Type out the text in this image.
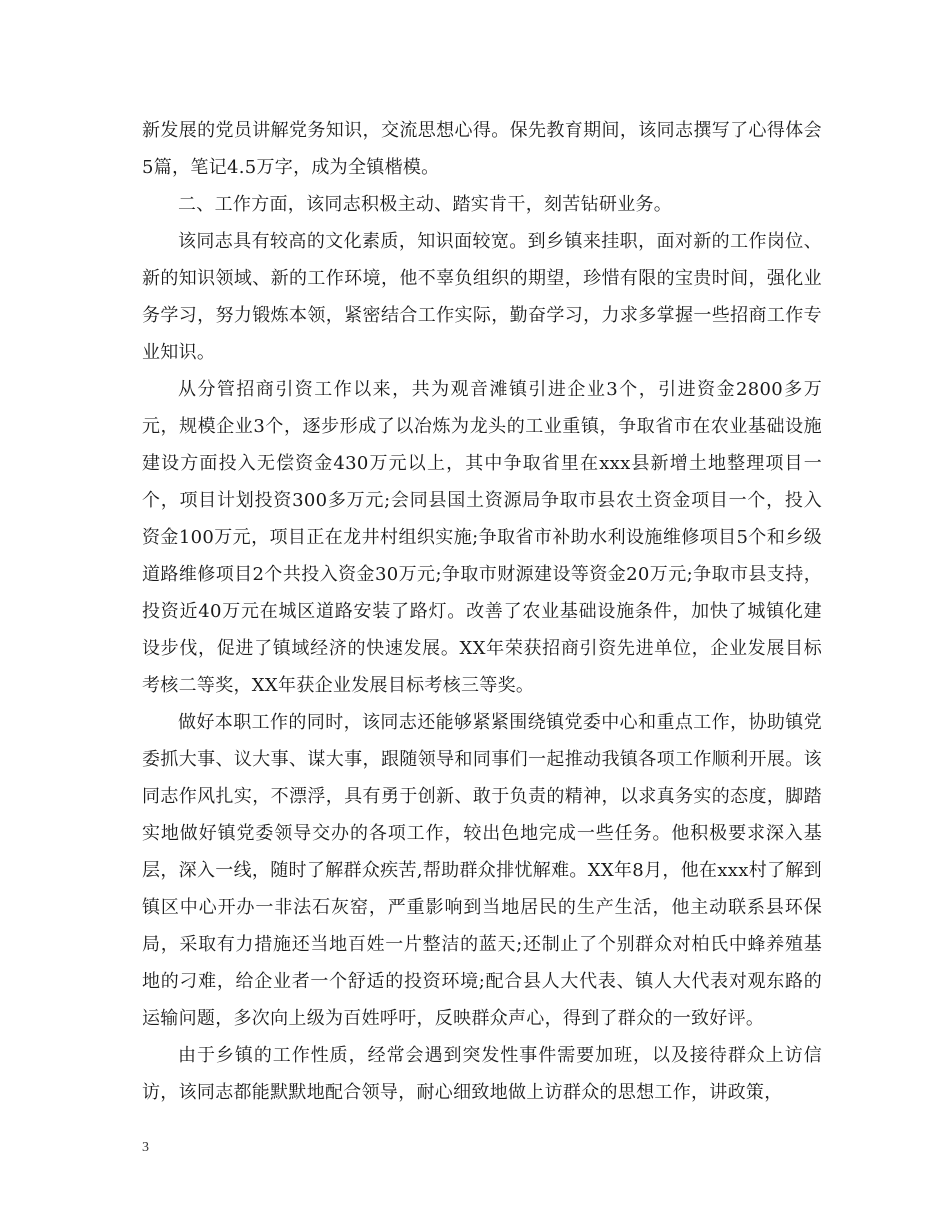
新发展的党员讲解党务知识，交流思想心得。保先教育期间，该同志撰写了心得体会5篇，笔记4.5万字，成为全镇楷模。

二、工作方面，该同志积极主动、踏实肯干，刻苦钻研业务。

该同志具有较高的文化素质，知识面较宽。到乡镇来挂职，面对新的工作岗位、新的知识领域、新的工作环境，他不辜负组织的期望，珍惜有限的宝贵时间，强化业务学习，努力锻炼本领，紧密结合工作实际，勤奋学习，力求多掌握一些招商工作专业知识。

从分管招商引资工作以来，共为观音滩镇引进企业3个，引进资金2800多万元，规模企业3个，逐步形成了以冶炼为龙头的工业重镇，争取省市在农业基础设施建设方面投入无偿资金430万元以上，其中争取省里在xxx县新增土地整理项目一个，项目计划投资300多万元;会同县国土资源局争取市县农土资金项目一个，投入资金100万元，项目正在龙井村组织实施;争取省市补助水利设施维修项目5个和乡级道路维修项目2个共投入资金30万元;争取市财源建设等资金20万元;争取市县支持，投资近40万元在城区道路安装了路灯。改善了农业基础设施条件，加快了城镇化建设步伐，促进了镇域经济的快速发展。XX年荣获招商引资先进单位，企业发展目标考核二等奖，XX年获企业发展目标考核三等奖。

做好本职工作的同时，该同志还能够紧紧围绕镇党委中心和重点工作，协助镇党委抓大事、议大事、谋大事，跟随领导和同事们一起推动我镇各项工作顺利开展。该同志作风扎实，不漂浮，具有勇于创新、敢于负责的精神，以求真务实的态度，脚踏实地做好镇党委领导交办的各项工作，较出色地完成一些任务。他积极要求深入基层，深入一线，随时了解群众疾苦,帮助群众排忧解难。XX年8月，他在xxx村了解到镇区中心开办一非法石灰窑，严重影响到当地居民的生产生活，他主动联系县环保局，采取有力措施还当地百姓一片整洁的蓝天;还制止了个别群众对柏氏中蜂养殖基地的刁难，给企业者一个舒适的投资环境;配合县人大代表、镇人大代表对观东路的运输问题，多次向上级为百姓呼吁，反映群众声心，得到了群众的一致好评。

由于乡镇的工作性质，经常会遇到突发性事件需要加班，以及接待群众上访信访，该同志都能默默地配合领导，耐心细致地做上访群众的思想工作，讲政策，

3
